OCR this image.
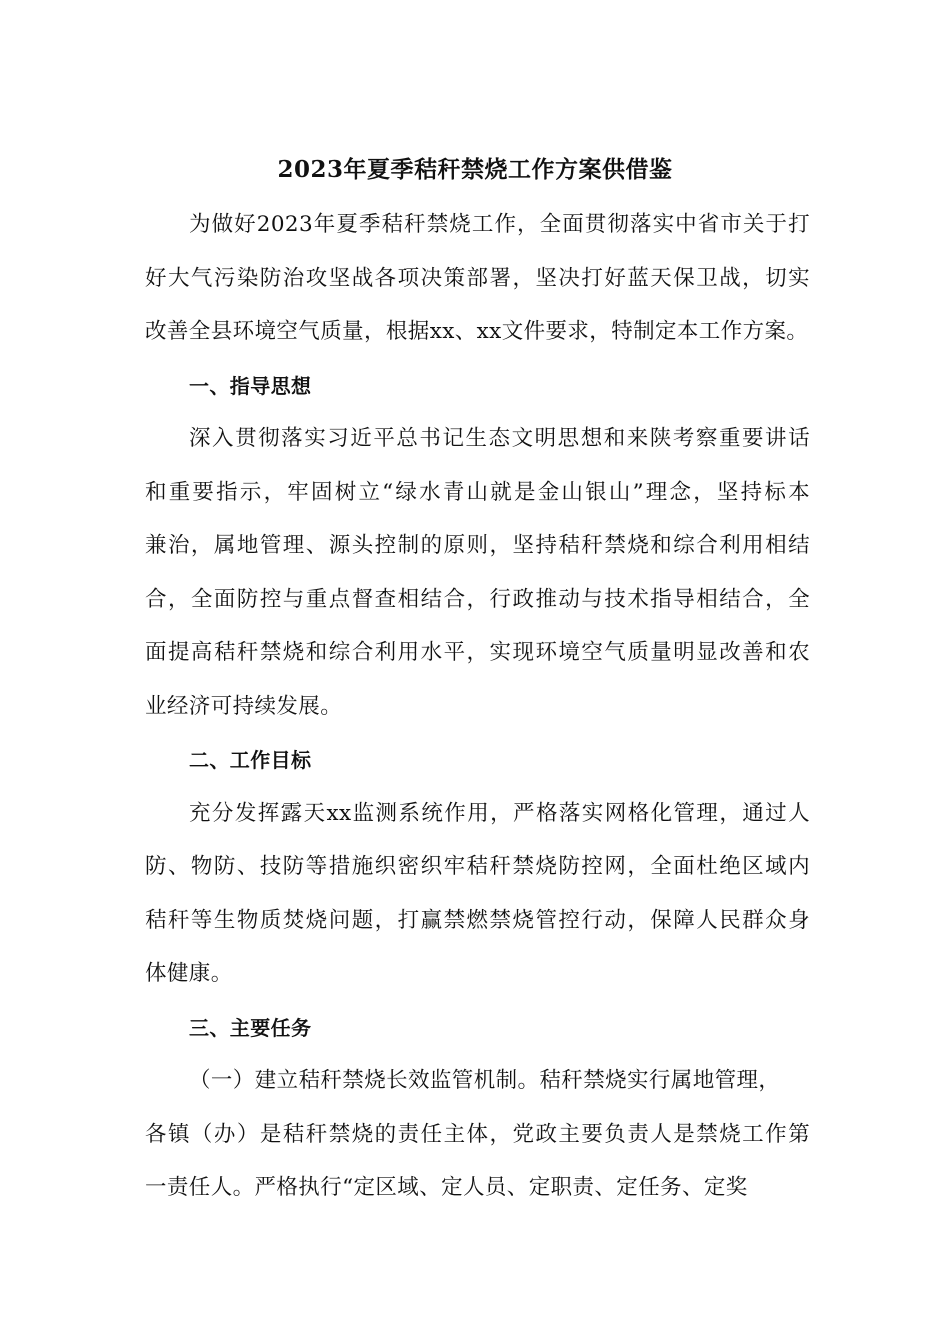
2023年夏季秸秆禁烧工作方案供借鉴
为做好2023年夏季秸秆禁烧工作，全面贯彻落实中省市关于打
好大气污染防治攻坚战各项决策部署，坚决打好蓝天保卫战，切实
改善全县环境空气质量，根据xx、xx文件要求，特制定本工作方案。
一、指导思想
深入贯彻落实习近平总书记生态文明思想和来陕考察重要讲话
和重要指示，牢固树立“绿水青山就是金山银山”理念，坚持标本
兼治，属地管理、源头控制的原则，坚持秸秆禁烧和综合利用相结
合，全面防控与重点督查相结合，行政推动与技术指导相结合，全
面提高秸秆禁烧和综合利用水平，实现环境空气质量明显改善和农
业经济可持续发展。
二、工作目标
充分发挥露天xx监测系统作用，严格落实网格化管理，通过人
防、物防、技防等措施织密织牢秸秆禁烧防控网，全面杜绝区域内
秸秆等生物质焚烧问题，打赢禁燃禁烧管控行动，保障人民群众身
体健康。
三、主要任务
（一）建立秸秆禁烧长效监管机制。秸秆禁烧实行属地管理，
各镇（办）是秸秆禁烧的责任主体，党政主要负责人是禁烧工作第
一责任人。严格执行“定区域、定人员、定职责、定任务、定奖
